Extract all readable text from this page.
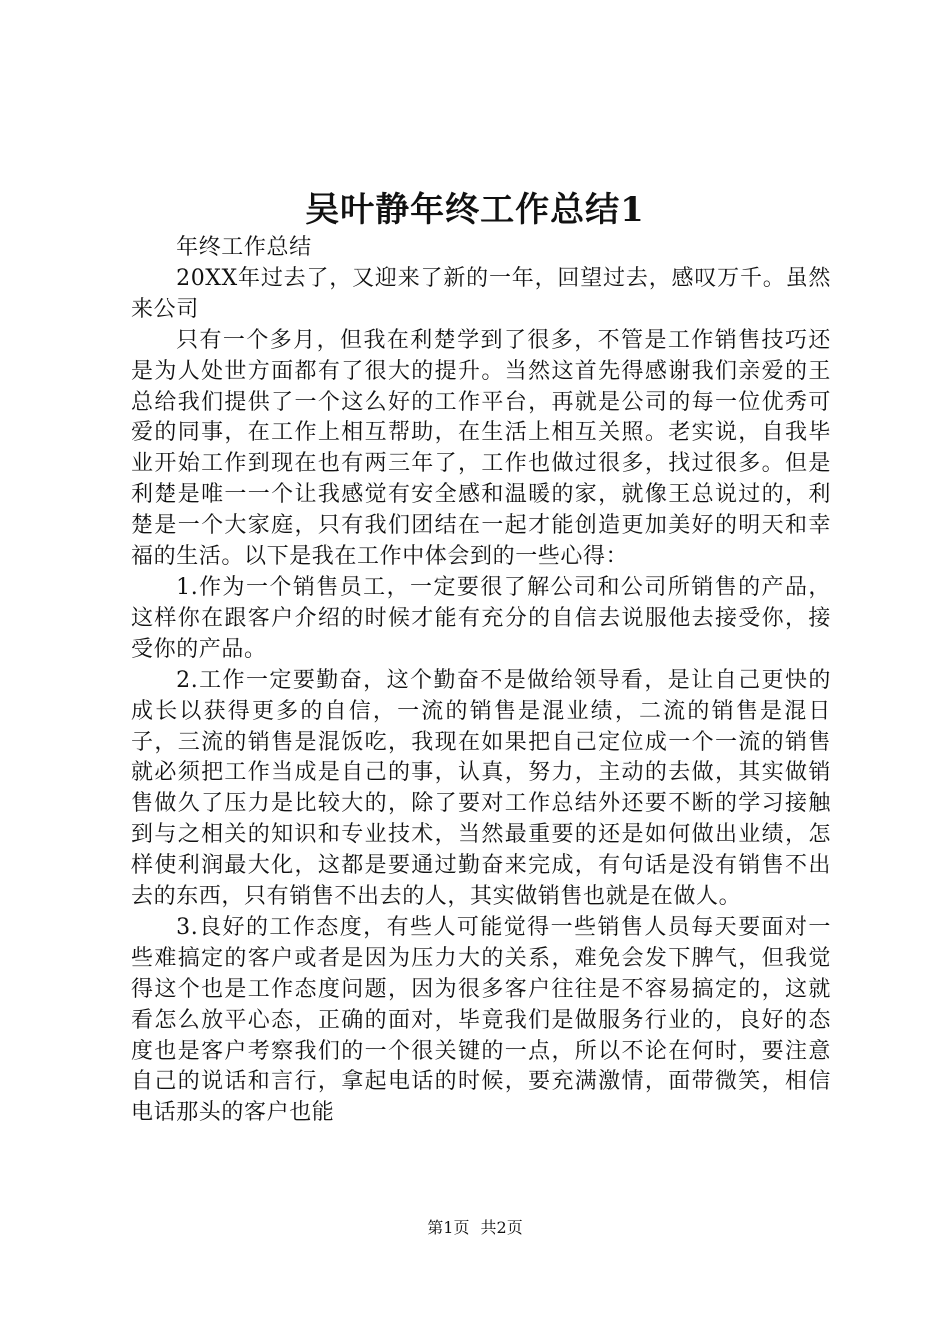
吴叶静年终工作总结1

年终工作总结

20XX年过去了，又迎来了新的一年，回望过去，感叹万千。虽然来公司

只有一个多月，但我在利楚学到了很多，不管是工作销售技巧还是为人处世方面都有了很大的提升。当然这首先得感谢我们亲爱的王总给我们提供了一个这么好的工作平台，再就是公司的每一位优秀可爱的同事，在工作上相互帮助，在生活上相互关照。老实说，自我毕业开始工作到现在也有两三年了，工作也做过很多，找过很多。但是利楚是唯一一个让我感觉有安全感和温暖的家，就像王总说过的，利楚是一个大家庭，只有我们团结在一起才能创造更加美好的明天和幸福的生活。以下是我在工作中体会到的一些心得：

1.作为一个销售员工，一定要很了解公司和公司所销售的产品，这样你在跟客户介绍的时候才能有充分的自信去说服他去接受你，接受你的产品。

2.工作一定要勤奋，这个勤奋不是做给领导看，是让自己更快的成长以获得更多的自信，一流的销售是混业绩，二流的销售是混日子，三流的销售是混饭吃，我现在如果把自己定位成一个一流的销售就必须把工作当成是自己的事，认真，努力，主动的去做，其实做销售做久了压力是比较大的，除了要对工作总结外还要不断的学习接触到与之相关的知识和专业技术，当然最重要的还是如何做出业绩，怎样使利润最大化，这都是要通过勤奋来完成，有句话是没有销售不出去的东西，只有销售不出去的人，其实做销售也就是在做人。

3.良好的工作态度，有些人可能觉得一些销售人员每天要面对一些难搞定的客户或者是因为压力大的关系，难免会发下脾气，但我觉得这个也是工作态度问题，因为很多客户往往是不容易搞定的，这就看怎么放平心态，正确的面对，毕竟我们是做服务行业的，良好的态度也是客户考察我们的一个很关键的一点，所以不论在何时，要注意自己的说话和言行，拿起电话的时候，要充满激情，面带微笑，相信电话那头的客户也能

第1页 共2页
